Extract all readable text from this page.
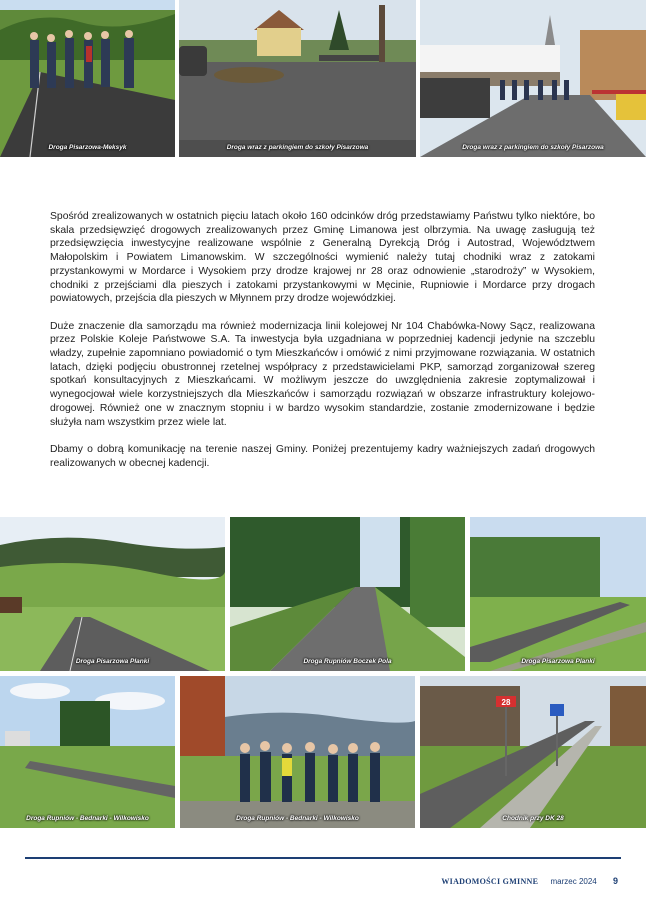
Droga Pisarzowa-Meksyk	Droga wraz z parkingiem do szkoły Pisarzowa	Droga wraz z parkingiem do szkoły Pisarzowa

Spośród zrealizowanych w ostatnich pięciu latach około 160 odcinków dróg przedstawiamy Państwu tylko niektóre, bo skala przedsięwzięć drogowych zrealizowanych przez Gminę Limanowa jest olbrzymia. Na uwagę zasługują też przedsięwzięcia inwestycyjne realizowane wspólnie z Generalną Dyrekcją Dróg i Autostrad, Województwem Małopolskim i Powiatem Limanowskim. W szczególności wymienić należy tutaj chodniki wraz z zatokami przystankowymi w Mordarce i Wysokiem przy drodze krajowej nr 28 oraz odnowienie „starodroży” w Wysokiem, chodniki z przejściami dla pieszych i zatokami przystankowymi w Męcinie, Rupniowie i Mordarce przy drogach powiatowych, przejścia dla pieszych w Młynnem przy drodze wojewódzkiej.

Duże znaczenie dla samorządu ma również modernizacja linii kolejowej Nr 104 Chabówka-Nowy Sącz, realizowana przez Polskie Koleje Państwowe S.A. Ta inwestycja była uzgadniana w poprzedniej kadencji jedynie na szczeblu władzy, zupełnie zapomniano powiadomić o tym Mieszkańców i omówić z nimi przyjmowane rozwiązania. W ostatnich latach, dzięki podjęciu obustronnej rzetelnej współpracy z przedstawicielami PKP, samorząd zorganizował szereg spotkań konsultacyjnych z Mieszkańcami. W możliwym jeszcze do uwzględnienia zakresie zoptymalizował i wynegocjował wiele korzystniejszych dla Mieszkańców i samorządu rozwiązań w obszarze infrastruktury kolejowo-drogowej. Również one w znacznym stopniu i w bardzo wysokim standardzie, zostanie zmodernizowane i będzie służyła nam wszystkim przez wiele lat.

Dbamy o dobrą komunikację na terenie naszej Gminy. Poniżej prezentujemy kadry ważniejszych zadań drogowych realizowanych w obecnej kadencji.

Droga Pisarzowa Planki	Droga Rupniów Boczek Pola	Droga Pisarzowa Planki
Droga Rupniów - Bednarki - Wilkowisko	Droga Rupniów - Bednarki - Wilkowisko
28
Chodnik przy DK 28
WIADOMOŚCI GMINNE marzec 2024 9
